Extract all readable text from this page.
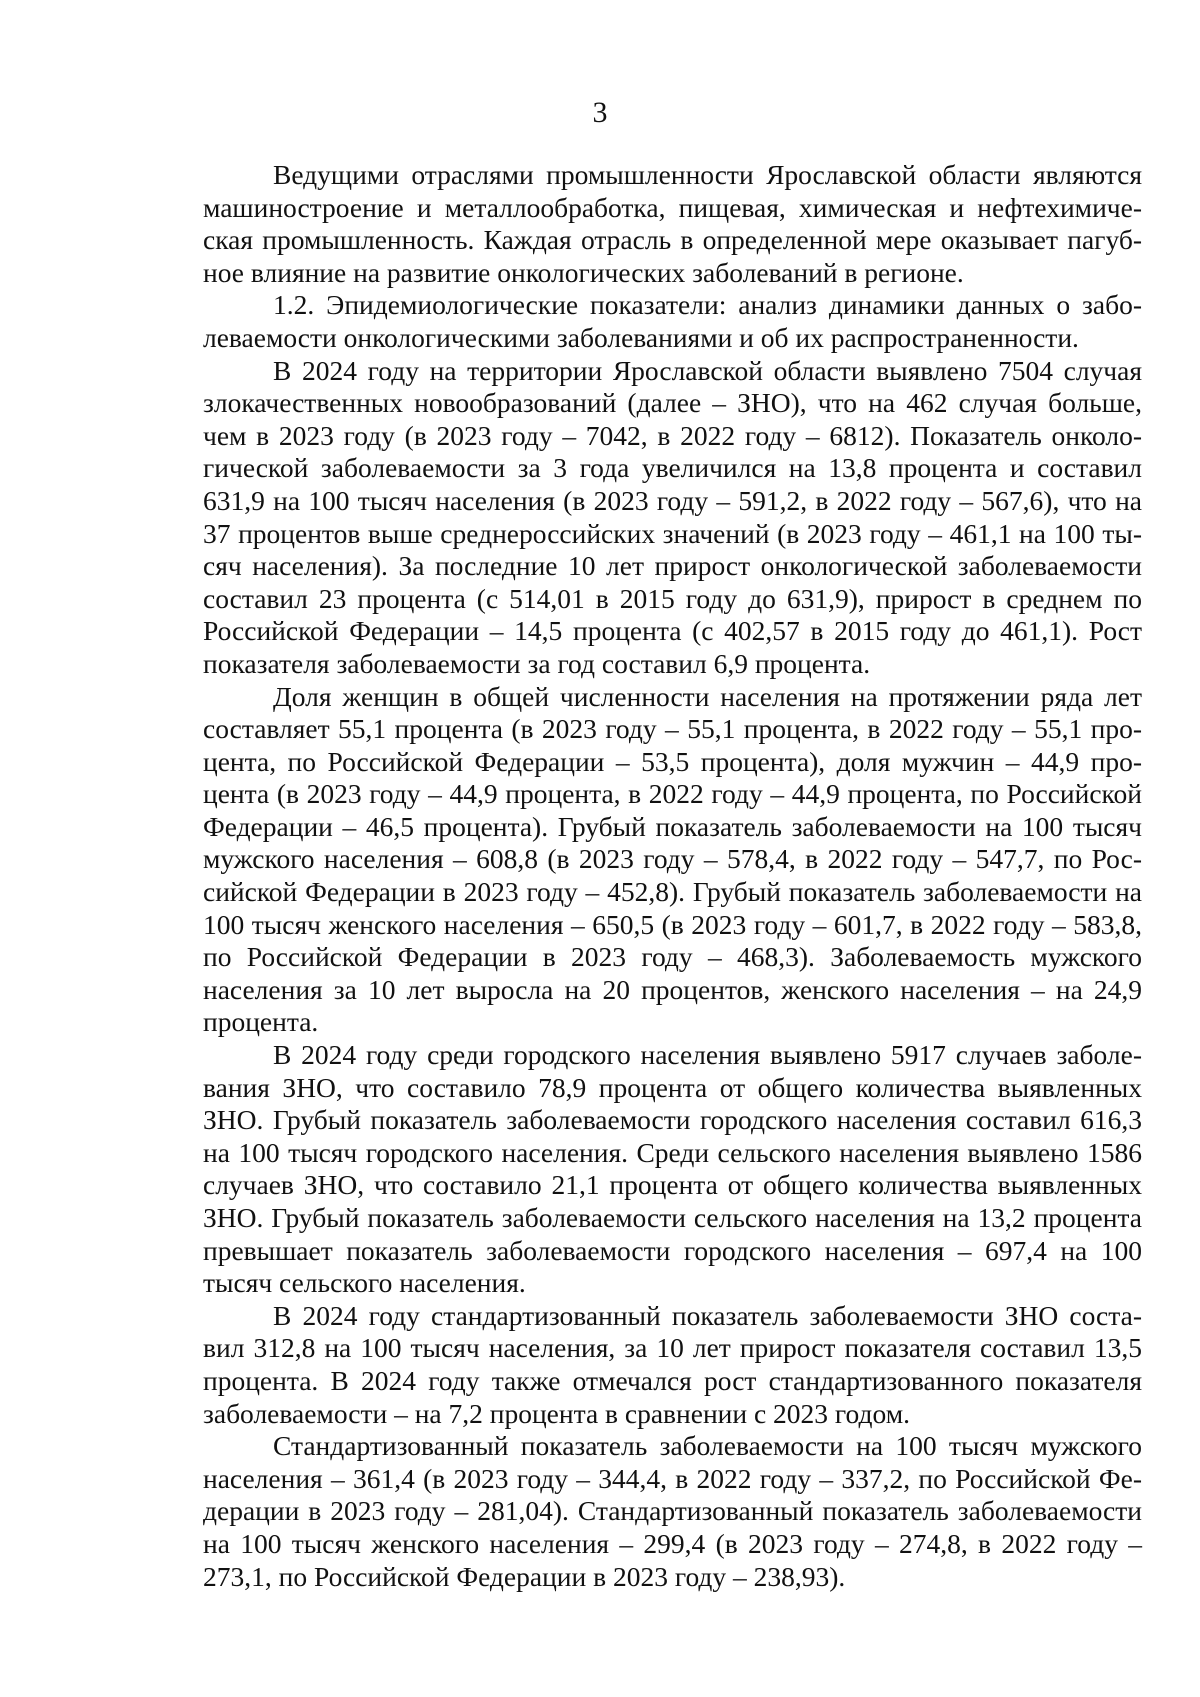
3

Ведущими отраслями промышленности Ярославской области являются машиностроение и металлообработка, пищевая, химическая и нефтехимическая промышленность. Каждая отрасль в определенной мере оказывает пагубное влияние на развитие онкологических заболеваний в регионе.

1.2. Эпидемиологические показатели: анализ динамики данных о заболеваемости онкологическими заболеваниями и об их распространенности.

В 2024 году на территории Ярославской области выявлено 7504 случая злокачественных новообразований (далее – ЗНО), что на 462 случая больше, чем в 2023 году (в 2023 году – 7042, в 2022 году – 6812). Показатель онкологической заболеваемости за 3 года увеличился на 13,8 процента и составил 631,9 на 100 тысяч населения (в 2023 году – 591,2, в 2022 году – 567,6), что на 37 процентов выше среднероссийских значений (в 2023 году – 461,1 на 100 тысяч населения). За последние 10 лет прирост онкологической заболеваемости составил 23 процента (с 514,01 в 2015 году до 631,9), прирост в среднем по Российской Федерации – 14,5 процента (с 402,57 в 2015 году до 461,1). Рост показателя заболеваемости за год составил 6,9 процента.

Доля женщин в общей численности населения на протяжении ряда лет составляет 55,1 процента (в 2023 году – 55,1 процента, в 2022 году – 55,1 процента, по Российской Федерации – 53,5 процента), доля мужчин – 44,9 процента (в 2023 году – 44,9 процента, в 2022 году – 44,9 процента, по Российской Федерации – 46,5 процента). Грубый показатель заболеваемости на 100 тысяч мужского населения – 608,8 (в 2023 году – 578,4, в 2022 году – 547,7, по Российской Федерации в 2023 году – 452,8). Грубый показатель заболеваемости на 100 тысяч женского населения – 650,5 (в 2023 году – 601,7, в 2022 году – 583,8, по Российской Федерации в 2023 году – 468,3). Заболеваемость мужского населения за 10 лет выросла на 20 процентов, женского населения – на 24,9 процента.

В 2024 году среди городского населения выявлено 5917 случаев заболевания ЗНО, что составило 78,9 процента от общего количества выявленных ЗНО. Грубый показатель заболеваемости городского населения составил 616,3 на 100 тысяч городского населения. Среди сельского населения выявлено 1586 случаев ЗНО, что составило 21,1 процента от общего количества выявленных ЗНО. Грубый показатель заболеваемости сельского населения на 13,2 процента превышает показатель заболеваемости городского населения – 697,4 на 100 тысяч сельского населения.

В 2024 году стандартизованный показатель заболеваемости ЗНО составил 312,8 на 100 тысяч населения, за 10 лет прирост показателя составил 13,5 процента. В 2024 году также отмечался рост стандартизованного показателя заболеваемости – на 7,2 процента в сравнении с 2023 годом.

Стандартизованный показатель заболеваемости на 100 тысяч мужского населения – 361,4 (в 2023 году – 344,4, в 2022 году – 337,2, по Российской Федерации в 2023 году – 281,04). Стандартизованный показатель заболеваемости на 100 тысяч женского населения – 299,4 (в 2023 году – 274,8, в 2022 году – 273,1, по Российской Федерации в 2023 году – 238,93).
